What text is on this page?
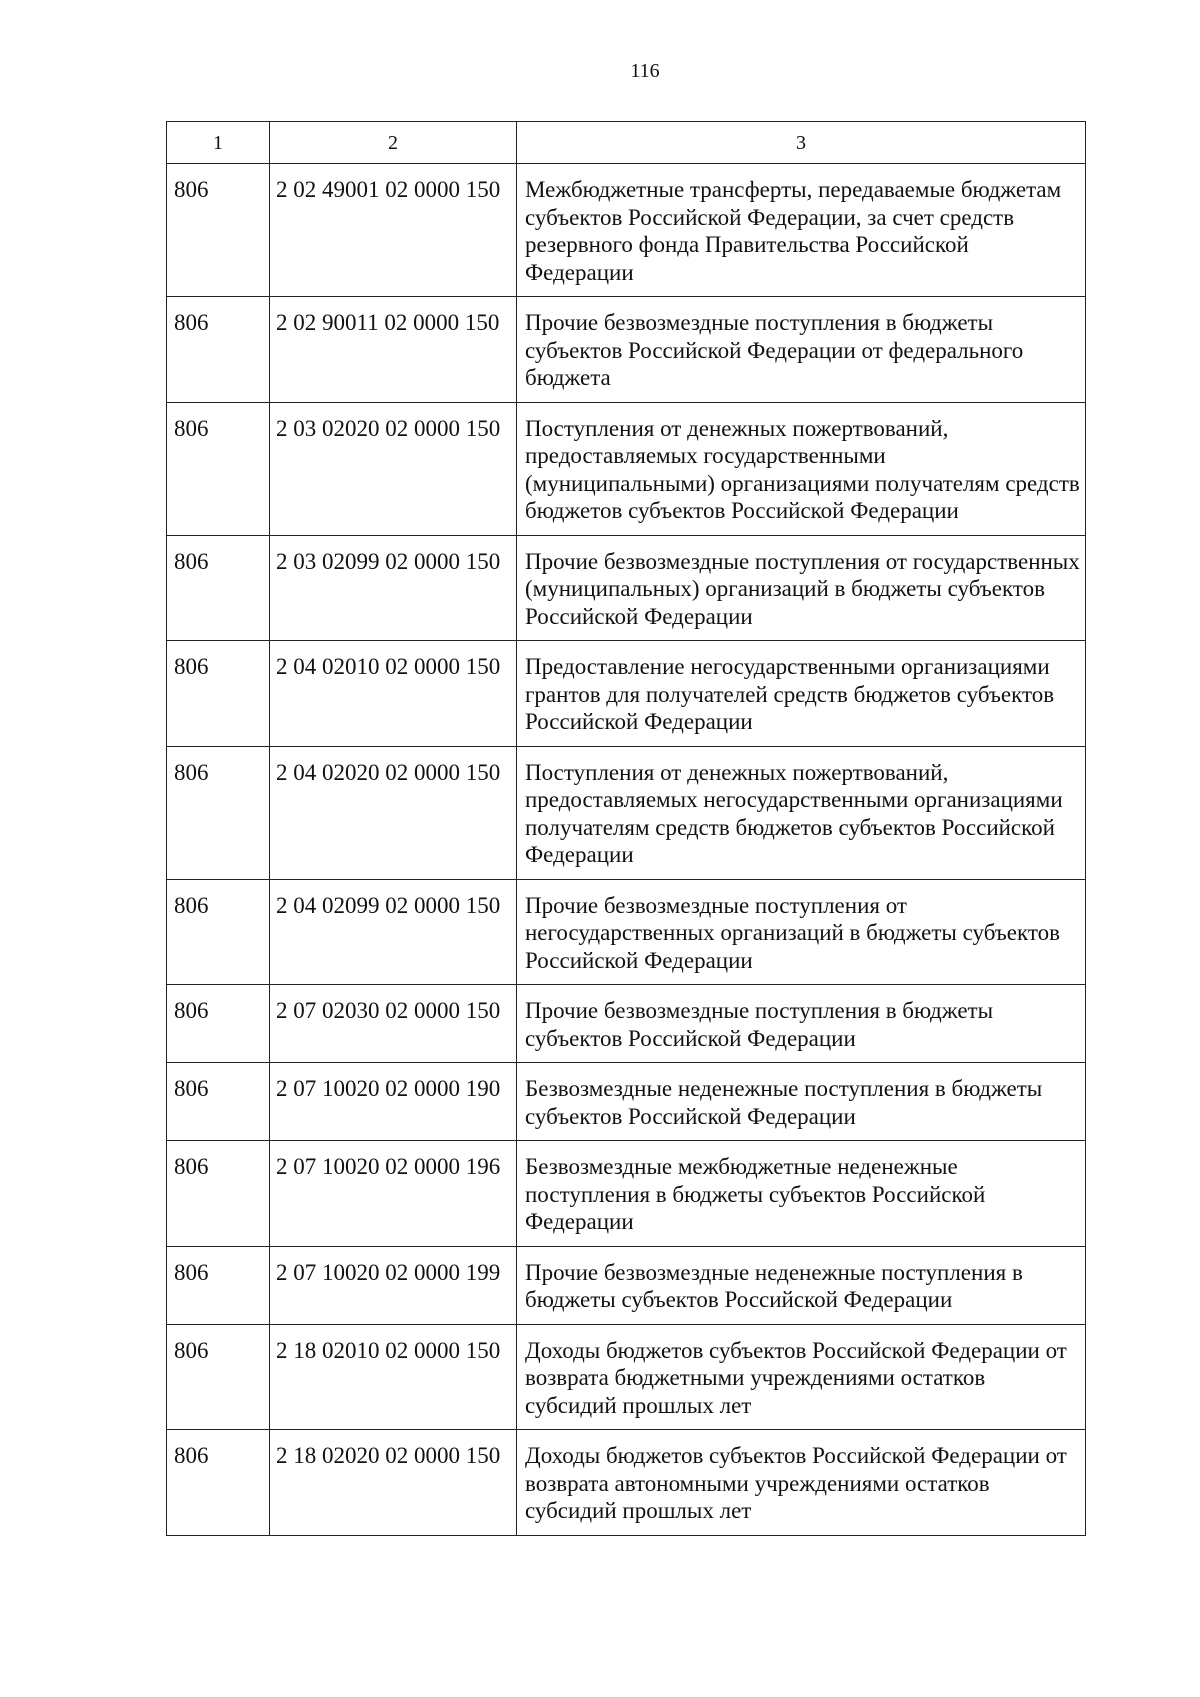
116
1	2	3
806	2 02 49001 02 0000 150	Межбюджетные трансферты, передаваемые бюджетам субъектов Российской Федерации, за счет средств резервного фонда Правительства Российской Федерации
806	2 02 90011 02 0000 150	Прочие безвозмездные поступления в бюджеты субъектов Российской Федерации от федерального бюджета
806	2 03 02020 02 0000 150	Поступления от денежных пожертвований, предоставляемых государственными (муниципальными) организациями получателям средств бюджетов субъектов Российской Федерации
806	2 03 02099 02 0000 150	Прочие безвозмездные поступления от государственных (муниципальных) организаций в бюджеты субъектов Российской Федерации
806	2 04 02010 02 0000 150	Предоставление негосударственными организациями грантов для получателей средств бюджетов субъектов Российской Федерации
806	2 04 02020 02 0000 150	Поступления от денежных пожертвований, предоставляемых негосударственными организациями получателям средств бюджетов субъектов Российской Федерации
806	2 04 02099 02 0000 150	Прочие безвозмездные поступления от негосударственных организаций в бюджеты субъектов Российской Федерации
806	2 07 02030 02 0000 150	Прочие безвозмездные поступления в бюджеты субъектов Российской Федерации
806	2 07 10020 02 0000 190	Безвозмездные неденежные поступления в бюджеты субъектов Российской Федерации
806	2 07 10020 02 0000 196	Безвозмездные межбюджетные неденежные поступления в бюджеты субъектов Российской Федерации
806	2 07 10020 02 0000 199	Прочие безвозмездные неденежные поступления в бюджеты субъектов Российской Федерации
806	2 18 02010 02 0000 150	Доходы бюджетов субъектов Российской Федерации от возврата бюджетными учреждениями остатков субсидий прошлых лет
806	2 18 02020 02 0000 150	Доходы бюджетов субъектов Российской Федерации от возврата автономными учреждениями остатков субсидий прошлых лет
